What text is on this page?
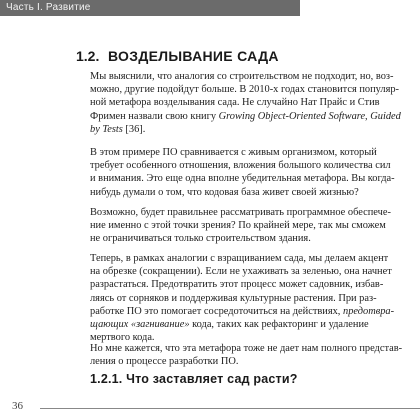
Часть I. Развитие
1.2. ВОЗДЕЛЫВАНИЕ САДА
Мы выяснили, что аналогия со строительством не подходит, но, воз-
можно, другие подойдут больше. В 2010-х годах становится популяр-
ной метафора возделывания сада. Не случайно Нат Прайс и Стив
Фримен назвали свою книгу Growing Object-Oriented Software, Guided
by Tests [36].
В этом примере ПО сравнивается с живым организмом, который
требует особенного отношения, вложения большого количества сил
и внимания. Это еще одна вполне убедительная метафора. Вы когда-
нибудь думали о том, что кодовая база живет своей жизнью?
Возможно, будет правильнее рассматривать программное обеспече-
ние именно с этой точки зрения? По крайней мере, так мы сможем
не ограничиваться только строительством здания.
Теперь, в рамках аналогии с взращиванием сада, мы делаем акцент
на обрезке (сокращении). Если не ухаживать за зеленью, она начнет
разрастаться. Предотвратить этот процесс может садовник, избав-
ляясь от сорняков и поддерживая культурные растения. При раз-
работке ПО это помогает сосредоточиться на действиях, предотвра-
щающих «загнивание» кода, таких как рефакторинг и удаление
мертвого кода.
Но мне кажется, что эта метафора тоже не дает нам полного представ-
ления о процессе разработки ПО.
1.2.1. Что заставляет сад расти?
36
